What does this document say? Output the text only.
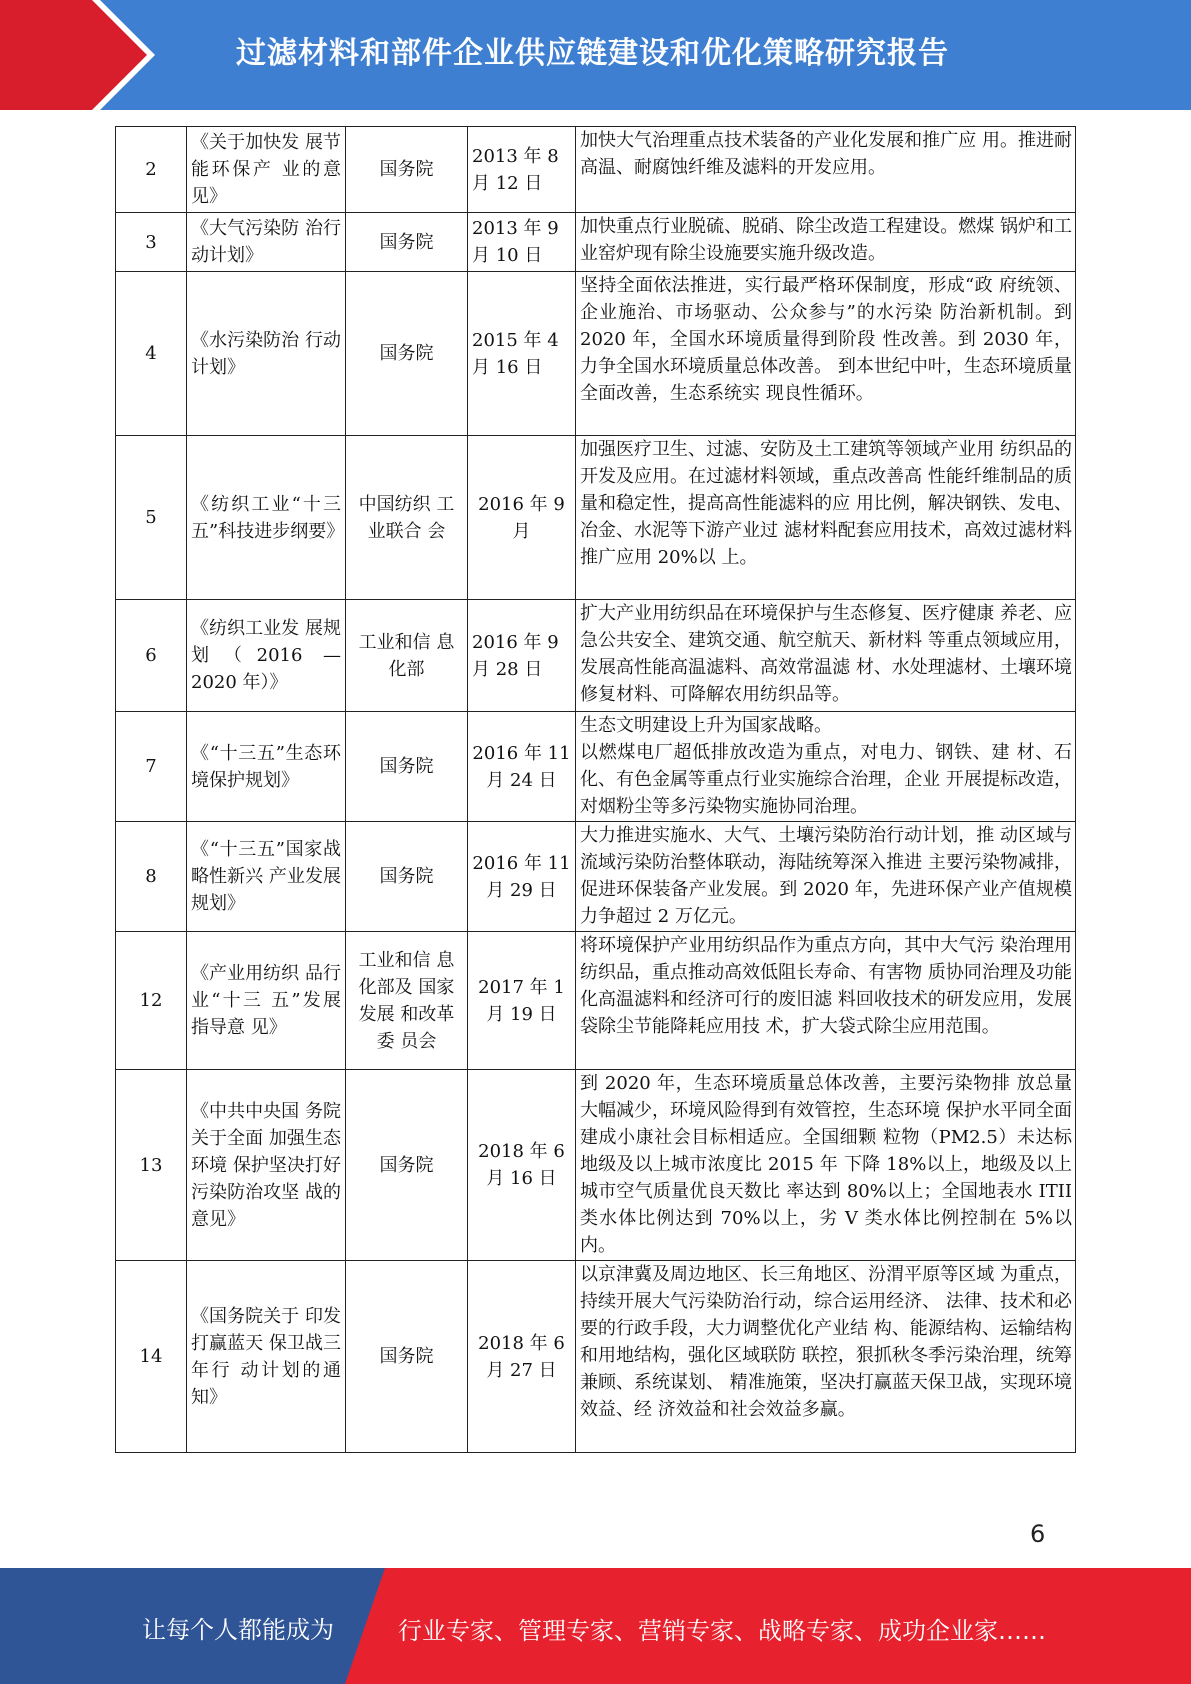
过滤材料和部件企业供应链建设和优化策略研究报告
2	《关于加快发 展节能环保产 业的意见》	国务院	2013 年 8 月 12 日	加快大气治理重点技术装备的产业化发展和推广应 用。推进耐高温、耐腐蚀纤维及滤料的开发应用。
3	《大气污染防 治行动计划》	国务院	2013 年 9 月 10 日	加快重点行业脱硫、脱硝、除尘改造工程建设。燃煤 锅炉和工业窑炉现有除尘设施要实施升级改造。
4	《水污染防治 行动计划》	国务院	2015 年 4 月 16 日	坚持全面依法推进，实行最严格环保制度，形成“政 府统领、企业施治、市场驱动、公众参与”的水污染 防治新机制。到 2020 年，全国水环境质量得到阶段 性改善。到 2030 年，力争全国水环境质量总体改善。 到本世纪中叶，生态环境质量全面改善，生态系统实 现良性循环。
5	《纺织工业“十三五”科技进步纲要》	中国纺织 工业联合 会	2016 年 9 月	加强医疗卫生、过滤、安防及土工建筑等领域产业用 纺织品的开发及应用。在过滤材料领域，重点改善高 性能纤维制品的质量和稳定性，提高高性能滤料的应 用比例，解决钢铁、发电、冶金、水泥等下游产业过 滤材料配套应用技术，高效过滤材料推广应用 20%以 上。
6	《纺织工业发 展规划（2016 —2020 年）》	工业和信 息化部	2016 年 9 月 28 日	扩大产业用纺织品在环境保护与生态修复、医疗健康 养老、应急公共安全、建筑交通、航空航天、新材料 等重点领域应用，发展高性能高温滤料、高效常温滤 材、水处理滤材、土壤环境修复材料、可降解农用纺织品等。
7	《“十三五”生态环境保护规划》	国务院	2016 年 11 月 24 日	生态文明建设上升为国家战略。
以燃煤电厂超低排放改造为重点，对电力、钢铁、建 材、石化、有色金属等重点行业实施综合治理，企业 开展提标改造，对烟粉尘等多污染物实施协同治理。
8	《“十三五”国家战略性新兴 产业发展规划》	国务院	2016 年 11 月 29 日	大力推进实施水、大气、土壤污染防治行动计划，推 动区域与流域污染防治整体联动，海陆统筹深入推进 主要污染物减排，促进环保装备产业发展。到 2020 年，先进环保产业产值规模力争超过 2 万亿元。
12	《产业用纺织 品行业“十三 五”发展指导意 见》	工业和信 息化部及 国家发展 和改革委 员会	2017 年 1 月 19 日	将环境保护产业用纺织品作为重点方向，其中大气污 染治理用纺织品，重点推动高效低阻长寿命、有害物 质协同治理及功能化高温滤料和经济可行的废旧滤 料回收技术的研发应用，发展袋除尘节能降耗应用技 术，扩大袋式除尘应用范围。
13	《中共中央国 务院关于全面 加强生态环境 保护坚决打好 污染防治攻坚 战的意见》	国务院	2018 年 6 月 16 日	到 2020 年，生态环境质量总体改善，主要污染物排 放总量大幅减少，环境风险得到有效管控，生态环境 保护水平同全面建成小康社会目标相适应。全国细颗 粒物（PM2.5）未达标地级及以上城市浓度比 2015 年 下降 18%以上，地级及以上城市空气质量优良天数比 率达到 80%以上；全国地表水 ITII 类水体比例达到 70%以上，劣 V 类水体比例控制在 5%以内。
14	《国务院关于 印发打赢蓝天 保卫战三年行 动计划的通知》	国务院	2018 年 6 月 27 日	以京津冀及周边地区、长三角地区、汾渭平原等区域 为重点，持续开展大气污染防治行动，综合运用经济、 法律、技术和必要的行政手段，大力调整优化产业结 构、能源结构、运输结构和用地结构，强化区域联防 联控，狠抓秋冬季污染治理，统筹兼顾、系统谋划、 精准施策，坚决打赢蓝天保卫战，实现环境效益、经 济效益和社会效益多赢。
6
让每个人都能成为	行业专家、管理专家、营销专家、战略专家、成功企业家……
